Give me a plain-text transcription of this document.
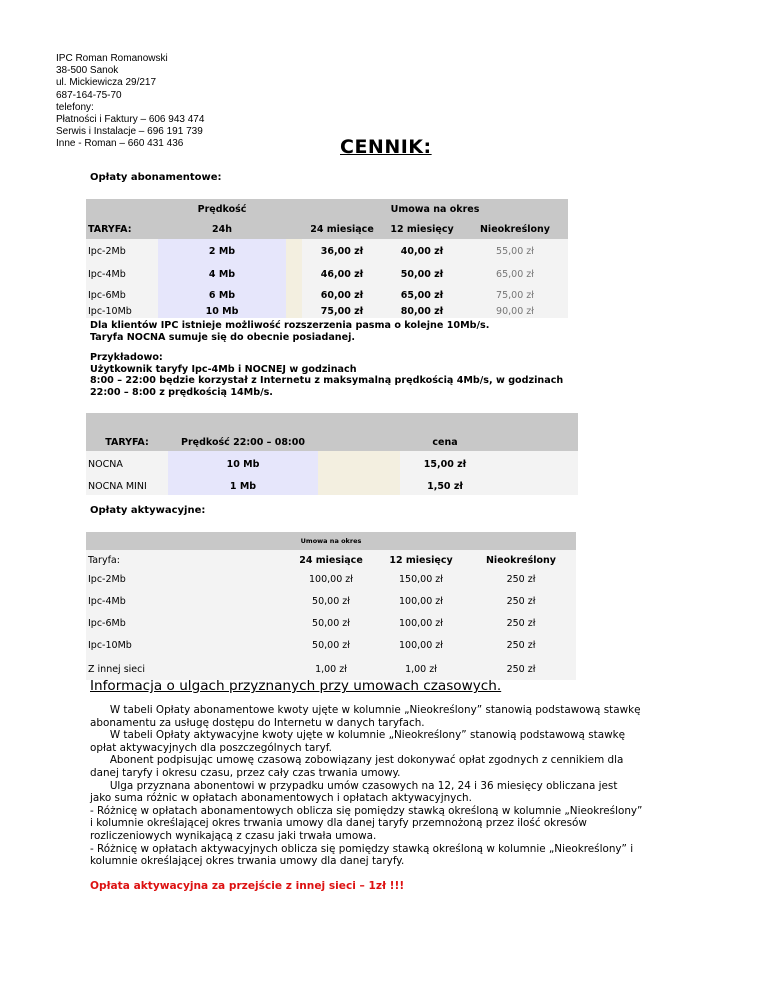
IPC Roman Romanowski
38-500 Sanok
ul. Mickiewicza 29/217
687-164-75-70
telefony:
Płatności i Faktury – 606 943 474
Serwis i Instalacje – 696 191 739
Inne - Roman – 660 431 436	CENNIK:
Opłaty abonamentowe:
	Prędkość		Umowa na okres		
TARYFA:	24h		24 miesiące	12 miesięcy	Nieokreślony
Ipc-2Mb	2 Mb		36,00 zł	40,00 zł	55,00 zł
Ipc-4Mb	4 Mb		46,00 zł	50,00 zł	65,00 zł
Ipc-6Mb	6 Mb		60,00 zł	65,00 zł	75,00 zł
Ipc-10Mb	10 Mb		75,00 zł	80,00 zł	90,00 zł
Dla klientów IPC istnieje możliwość rozszerzenia pasma o kolejne 10Mb/s.
Taryfa NOCNA sumuje się do obecnie posiadanej.
Przykładowo:
Użytkownik taryfy Ipc-4Mb i NOCNEJ w godzinach
8:00 – 22:00 będzie korzystał z Internetu z maksymalną prędkością 4Mb/s, w godzinach
22:00 – 8:00 z prędkością 14Mb/s.

TARYFA:	Prędkość 22:00 – 08:00		cena	
NOCNA	10 Mb		15,00 zł	
NOCNA MINI	1 Mb		1,50 zł	
Opłaty aktywacyjne:
Umowa na okres			
Taryfa:	24 miesiące	12 miesięcy	Nieokreślony
Ipc-2Mb	100,00 zł	150,00 zł	250 zł
Ipc-4Mb	50,00 zł	100,00 zł	250 zł
Ipc-6Mb	50,00 zł	100,00 zł	250 zł
Ipc-10Mb	50,00 zł	100,00 zł	250 zł
Z innej sieci	1,00 zł	1,00 zł	250 zł
Informacja o ulgach przyznanych przy umowach czasowych.
W tabeli Opłaty abonamentowe kwoty ujęte w kolumnie „Nieokreślony” stanowią podstawową stawkę
abonamentu za usługę dostępu do Internetu w danych taryfach.
W tabeli Opłaty aktywacyjne kwoty ujęte w kolumnie „Nieokreślony” stanowią podstawową stawkę
opłat aktywacyjnych dla poszczególnych taryf.
Abonent podpisując umowę czasową zobowiązany jest dokonywać opłat zgodnych z cennikiem dla
danej taryfy i okresu czasu, przez cały czas trwania umowy.
Ulga przyznana abonentowi w przypadku umów czasowych na 12, 24 i 36 miesięcy obliczana jest
jako suma różnic w opłatach abonamentowych i opłatach aktywacyjnych.
- Różnicę w opłatach abonamentowych oblicza się pomiędzy stawką określoną w kolumnie „Nieokreślony”
i kolumnie określającej okres trwania umowy dla danej taryfy przemnożoną przez ilość okresów
rozliczeniowych wynikającą z czasu jaki trwała umowa.
- Różnicę w opłatach aktywacyjnych oblicza się pomiędzy stawką określoną w kolumnie „Nieokreślony” i
kolumnie określającej okres trwania umowy dla danej taryfy.
Opłata aktywacyjna za przejście z innej sieci – 1zł !!!
